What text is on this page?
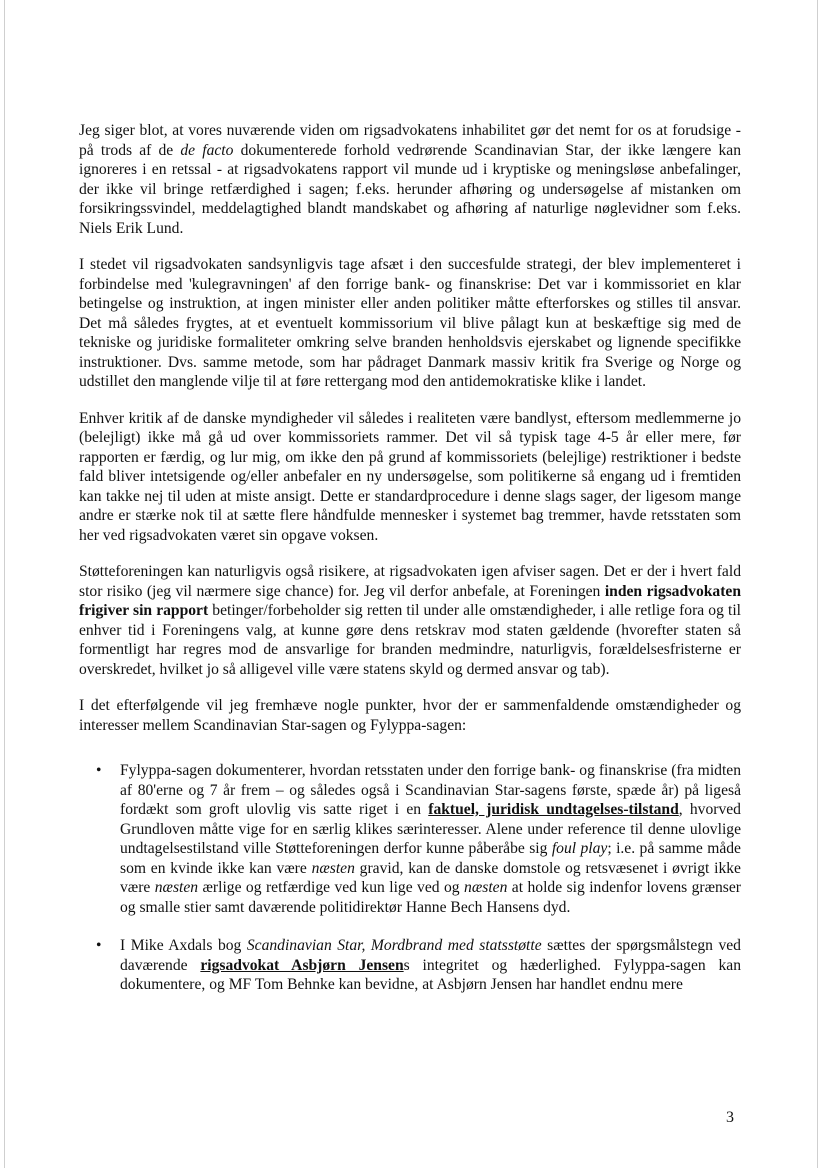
Jeg siger blot, at vores nuværende viden om rigsadvokatens inhabilitet gør det nemt for os at forudsige - på trods af de de facto dokumenterede forhold vedrørende Scandinavian Star, der ikke længere kan ignoreres i en retssal - at rigsadvokatens rapport vil munde ud i kryptiske og meningsløse anbefalinger, der ikke vil bringe retfærdighed i sagen; f.eks. herunder afhøring og undersøgelse af mistanken om forsikringssvindel, meddelagtighed blandt mandskabet og afhøring af naturlige nøglevidner som f.eks. Niels Erik Lund.

I stedet vil rigsadvokaten sandsynligvis tage afsæt i den succesfulde strategi, der blev implementeret i forbindelse med 'kulegravningen' af den forrige bank- og finanskrise: Det var i kommissoriet en klar betingelse og instruktion, at ingen minister eller anden politiker måtte efterforskes og stilles til ansvar. Det må således frygtes, at et eventuelt kommissorium vil blive pålagt kun at beskæftige sig med de tekniske og juridiske formaliteter omkring selve branden henholdsvis ejerskabet og lignende specifikke instruktioner. Dvs. samme metode, som har pådraget Danmark massiv kritik fra Sverige og Norge og udstillet den manglende vilje til at føre rettergang mod den antidemokratiske klike i landet.

Enhver kritik af de danske myndigheder vil således i realiteten være bandlyst, eftersom medlemmerne jo (belejligt) ikke må gå ud over kommissoriets rammer. Det vil så typisk tage 4-5 år eller mere, før rapporten er færdig, og lur mig, om ikke den på grund af kommissoriets (belejlige) restriktioner i bedste fald bliver intetsigende og/eller anbefaler en ny undersøgelse, som politikerne så engang ud i fremtiden kan takke nej til uden at miste ansigt. Dette er standardprocedure i denne slags sager, der ligesom mange andre er stærke nok til at sætte flere håndfulde mennesker i systemet bag tremmer, havde retsstaten som her ved rigsadvokaten været sin opgave voksen.

Støtteforeningen kan naturligvis også risikere, at rigsadvokaten igen afviser sagen. Det er der i hvert fald stor risiko (jeg vil nærmere sige chance) for. Jeg vil derfor anbefale, at Foreningen inden rigsadvokaten frigiver sin rapport betinger/forbeholder sig retten til under alle omstændigheder, i alle retlige fora og til enhver tid i Foreningens valg, at kunne gøre dens retskrav mod staten gældende (hvorefter staten så formentligt har regres mod de ansvarlige for branden medmindre, naturligvis, forældelsesfristerne er overskredet, hvilket jo så alligevel ville være statens skyld og dermed ansvar og tab).

I det efterfølgende vil jeg fremhæve nogle punkter, hvor der er sammenfaldende omstændigheder og interesser mellem Scandinavian Star-sagen og Fylyppa-sagen:

• Fylyppa-sagen dokumenterer, hvordan retsstaten under den forrige bank- og finanskrise (fra midten af 80'erne og 7 år frem – og således også i Scandinavian Star-sagens første, spæde år) på ligeså fordækt som groft ulovlig vis satte riget i en faktuel, juridisk undtagelses-tilstand, hvorved Grundloven måtte vige for en særlig klikes særinteresser. Alene under reference til denne ulovlige undtagelsestilstand ville Støtteforeningen derfor kunne påberåbe sig foul play; i.e. på samme måde som en kvinde ikke kan være næsten gravid, kan de danske domstole og retsvæsenet i øvrigt ikke være næsten ærlige og retfærdige ved kun lige ved og næsten at holde sig indenfor lovens grænser og smalle stier samt daværende politidirektør Hanne Bech Hansens dyd.
• I Mike Axdals bog Scandinavian Star, Mordbrand med statsstøtte sættes der spørgsmålstegn ved daværende rigsadvokat Asbjørn Jensens integritet og hæderlighed. Fylyppa-sagen kan dokumentere, og MF Tom Behnke kan bevidne, at Asbjørn Jensen har handlet endnu mere
3
